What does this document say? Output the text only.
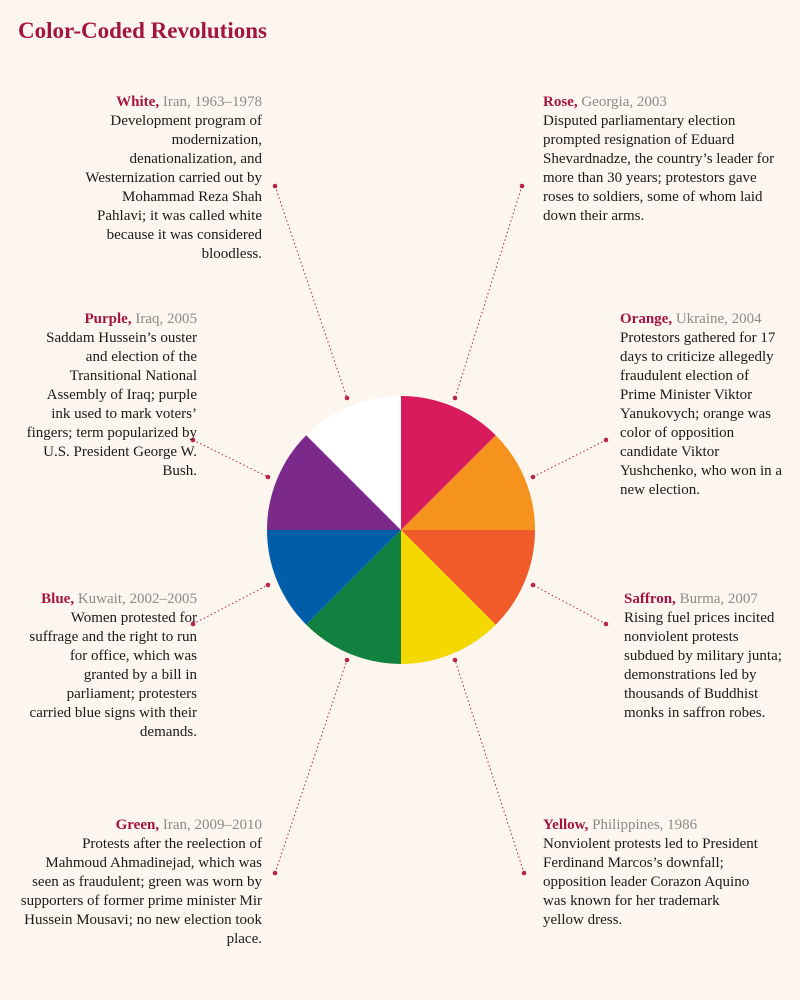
Color-Coded Revolutions
White, Iran, 1963–1978
Development program of modernization, denationalization, and Westernization carried out by Mohammad Reza Shah Pahlavi; it was called white because it was considered bloodless.
Rose, Georgia, 2003
Disputed parliamentary election prompted resignation of Eduard Shevardnadze, the country’s leader for more than 30 years; protestors gave roses to soldiers, some of whom laid down their arms.
Purple, Iraq, 2005
Saddam Hussein’s ouster and election of the Transitional National Assembly of Iraq; purple ink used to mark voters’ fingers; term popularized by U.S. President George W. Bush.
Orange, Ukraine, 2004
Protestors gathered for 17 days to criticize allegedly fraudulent election of Prime Minister Viktor Yanukovych; orange was color of opposition candidate Viktor Yushchenko, who won in a new election.
Blue, Kuwait, 2002–2005
Women protested for suffrage and the right to run for office, which was granted by a bill in parliament; protesters carried blue signs with their demands.
Saffron, Burma, 2007
Rising fuel prices incited nonviolent protests subdued by military junta; demonstrations led by thousands of Buddhist monks in saffron robes.
Green, Iran, 2009–2010
Protests after the reelection of Mahmoud Ahmadinejad, which was seen as fraudulent; green was worn by supporters of former prime minister Mir Hussein Mousavi; no new election took place.
Yellow, Philippines, 1986
Nonviolent protests led to President Ferdinand Marcos’s downfall; opposition leader Corazon Aquino was known for her trademark yellow dress.
